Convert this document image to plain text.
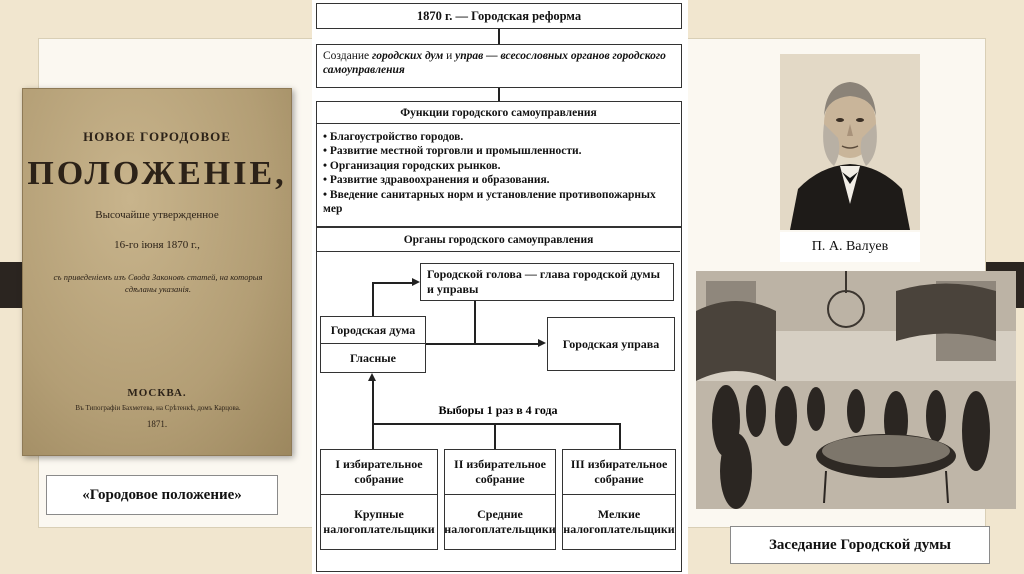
НОВОЕ ГОРОДОВОЕ
ПОЛОЖЕНІЕ,
Высочайше утвержденное
16-го іюня 1870 г.,
съ приведеніемъ изъ Свода Законовъ статей, на которыя сдѣланы указанія.
МОСКВА.
Въ Типографіи Бахметева, на Срѣтенкѣ, домъ Карцова.
1871.
«Городовое положение»
1870 г. — Городская реформа
Создание городских дум и управ — всесословных органов городского самоуправления
Функции городского самоуправления
• Благоустройство городов.
• Развитие местной торговли и промышленности.
• Организация городских рынков.
• Развитие здравоохранения и образования.
• Введение санитарных норм и установление противопожарных мер
Органы городского самоуправления
Городской голова — глава городской думы и управы
Городская дума
Гласные
Городская управа
Выборы 1 раз в 4 года
I избирательное собрание
Крупные налогоплательщики
II избирательное собрание
Средние налогоплательщики
III избирательное собрание
Мелкие налогоплательщики
П. А. Валуев
Заседание Городской думы
